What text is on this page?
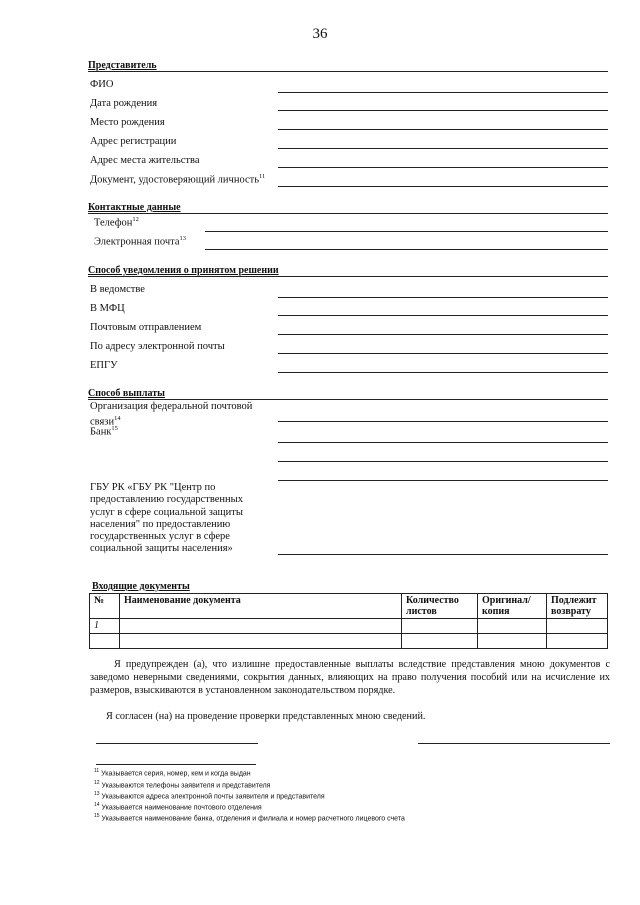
36
Представитель
ФИО
Дата рождения
Место рождения
Адрес регистрации
Адрес места жительства
Документ, удостоверяющий личность$^{11}$
Контактные данные
Телефон$^{12}$
Электронная почта$^{13}$
Способ уведомления о принятом решении
В ведомстве
В МФЦ
Почтовым отправлением
По адресу электронной почты
ЕПГУ
Способ выплаты
Организация федеральной почтовой связи$^{14}$
Банк$^{15}$
ГБУ РК «ГБУ РК "Центр по предоставлению государственных услуг в сфере социальной защиты населения" по предоставлению государственных услуг в сфере социальной защиты населения»
Входящие документы
№	Наименование документа	Количество листов	Оригинал/ копия	Подлежит возврату
1				

Я предупрежден (а), что излишне предоставленные выплаты вследствие представления мною документов с заведомо неверными сведениями, сокрытия данных, влияющих на право получения пособий или на исчисление их размеров, взыскиваются в установленном законодательством порядке.
Я согласен (на) на проведение проверки представленных мною сведений.
$^{11}$ Указывается серия, номер, кем и когда выдан
$^{12}$ Указываются телефоны заявителя и представителя
$^{13}$ Указываются адреса электронной почты заявителя и представителя
$^{14}$ Указывается наименование почтового отделения
$^{15}$ Указывается наименование банка, отделения и филиала и номер расчетного лицевого счета
